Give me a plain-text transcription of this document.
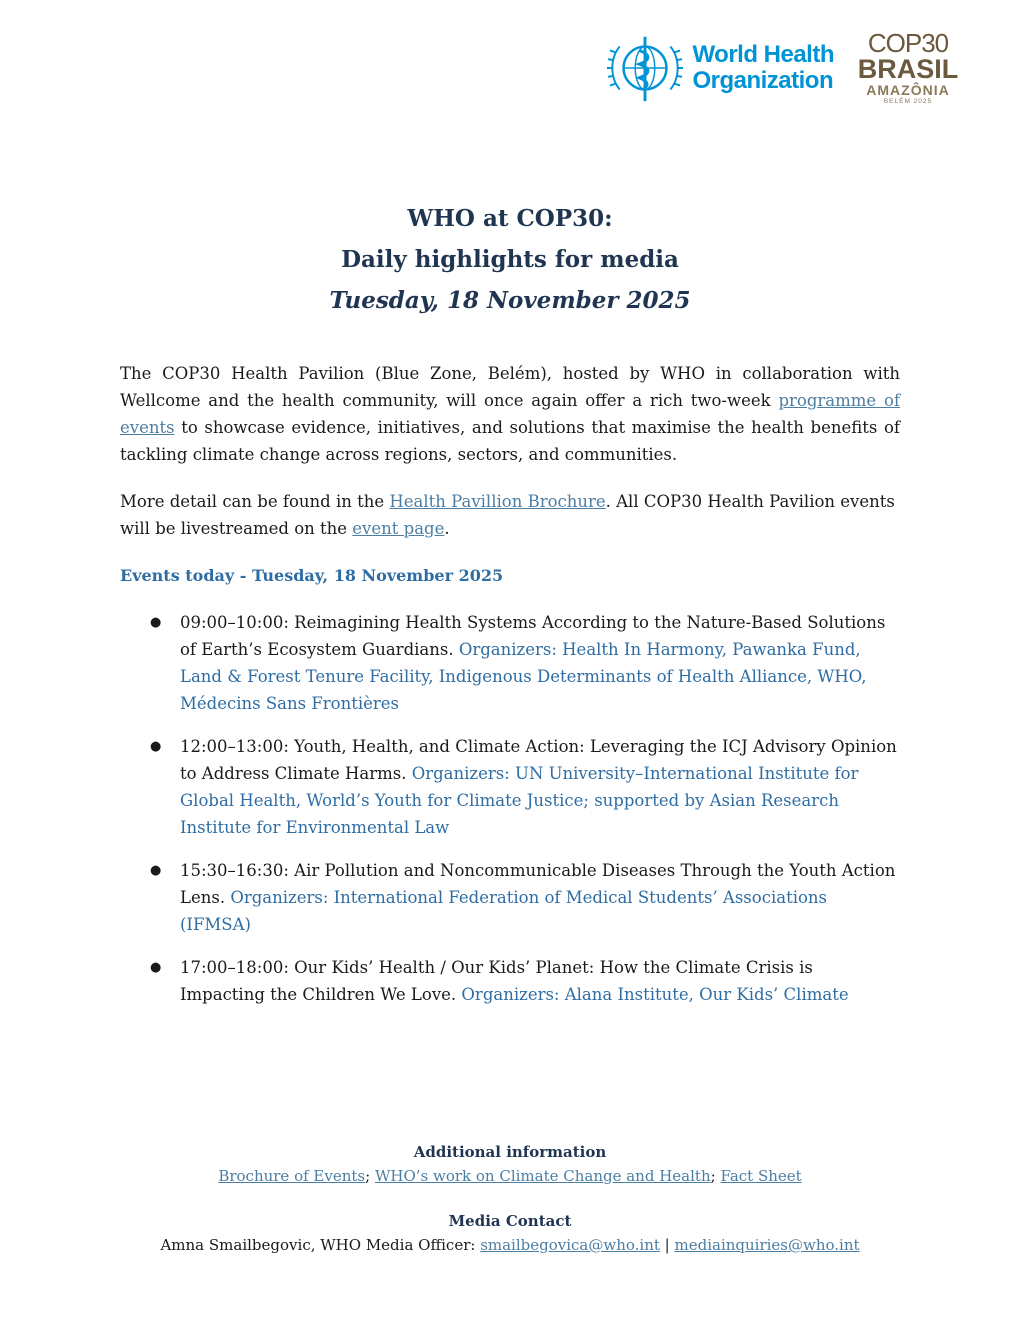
World Health
Organization
COP30
BRASIL
AMAZÔNIA
BELÉM 2025
WHO at COP30:
Daily highlights for media
Tuesday, 18 November 2025

The COP30 Health Pavilion (Blue Zone, Belém), hosted by WHO in collaboration with Wellcome and the health community, will once again offer a rich two-week programme of events to showcase evidence, initiatives, and solutions that maximise the health benefits of tackling climate change across regions, sectors, and communities.

More detail can be found in the Health Pavillion Brochure. All COP30 Health Pavilion events will be livestreamed on the event page.

Events today - Tuesday, 18 November 2025
● 09:00–10:00: Reimagining Health Systems According to the Nature-Based Solutions of Earth’s Ecosystem Guardians. Organizers: Health In Harmony, Pawanka Fund, Land & Forest Tenure Facility, Indigenous Determinants of Health Alliance, WHO, Médecins Sans Frontières
● 12:00–13:00: Youth, Health, and Climate Action: Leveraging the ICJ Advisory Opinion to Address Climate Harms. Organizers: UN University–International Institute for Global Health, World’s Youth for Climate Justice; supported by Asian Research Institute for Environmental Law
● 15:30–16:30: Air Pollution and Noncommunicable Diseases Through the Youth Action Lens. Organizers: International Federation of Medical Students’ Associations (IFMSA)
● 17:00–18:00: Our Kids’ Health / Our Kids’ Planet: How the Climate Crisis is Impacting the Children We Love. Organizers: Alana Institute, Our Kids’ Climate
Additional information
Brochure of Events; WHO’s work on Climate Change and Health; Fact Sheet
Media Contact
Amna Smailbegovic, WHO Media Officer: smailbegovica@who.int | mediainquiries@who.int
